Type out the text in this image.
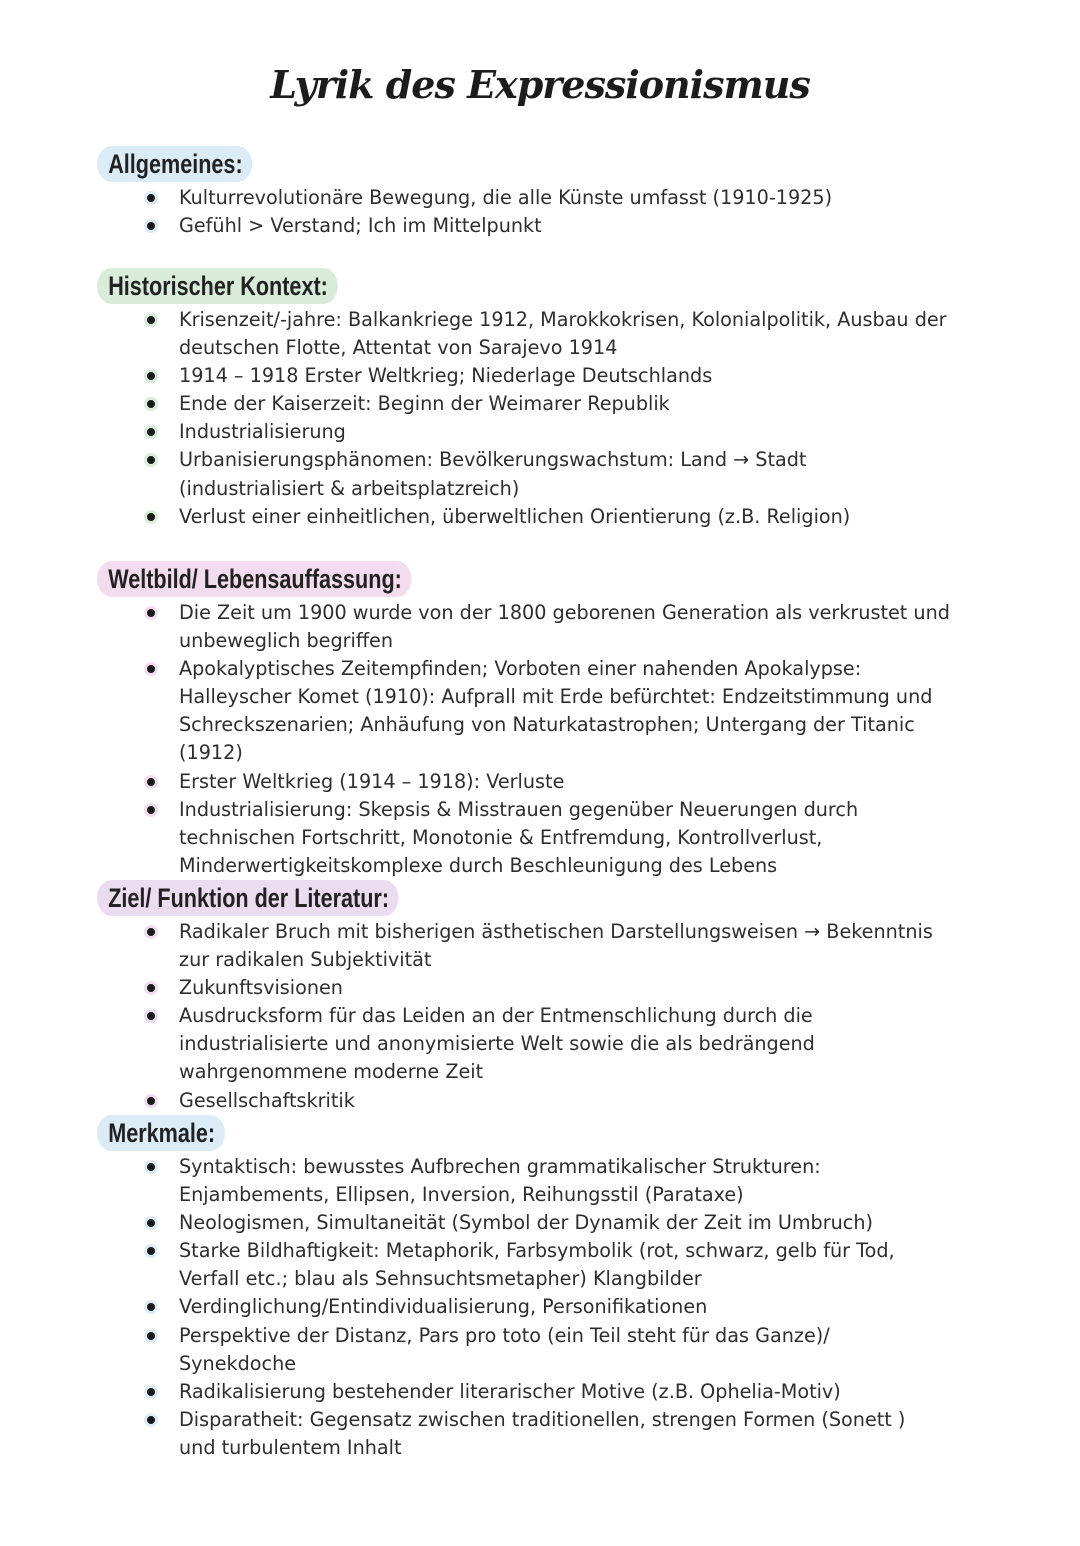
Lyrik des Expressionismus
Allgemeines:
Kulturrevolutionäre Bewegung, die alle Künste umfasst (1910-1925)
Gefühl > Verstand; Ich im Mittelpunkt
Historischer Kontext:
Krisenzeit/-jahre: Balkankriege 1912, Marokkokrisen, Kolonialpolitik, Ausbau der deutschen Flotte, Attentat von Sarajevo 1914
1914 – 1918 Erster Weltkrieg; Niederlage Deutschlands
Ende der Kaiserzeit: Beginn der Weimarer Republik
Industrialisierung
Urbanisierungsphänomen: Bevölkerungswachstum: Land → Stadt (industrialisiert & arbeitsplatzreich)
Verlust einer einheitlichen, überweltlichen Orientierung (z.B. Religion)
Weltbild/ Lebensauffassung:
Die Zeit um 1900 wurde von der 1800 geborenen Generation als verkrustet und unbeweglich begriffen
Apokalyptisches Zeitempfinden; Vorboten einer nahenden Apokalypse: Halleyscher Komet (1910): Aufprall mit Erde befürchtet: Endzeitstimmung und Schreckszenarien; Anhäufung von Naturkatastrophen; Untergang der Titanic (1912)
Erster Weltkrieg (1914 – 1918): Verluste
Industrialisierung: Skepsis & Misstrauen gegenüber Neuerungen durch technischen Fortschritt, Monotonie & Entfremdung, Kontrollverlust, Minderwertigkeitskomplexe durch Beschleunigung des Lebens
Ziel/ Funktion der Literatur:
Radikaler Bruch mit bisherigen ästhetischen Darstellungsweisen → Bekenntnis zur radikalen Subjektivität
Zukunftsvisionen
Ausdrucksform für das Leiden an der Entmenschlichung durch die industrialisierte und anonymisierte Welt sowie die als bedrängend wahrgenommene moderne Zeit
Gesellschaftskritik
Merkmale:
Syntaktisch: bewusstes Aufbrechen grammatikalischer Strukturen: Enjambements, Ellipsen, Inversion, Reihungsstil (Parataxe)
Neologismen, Simultaneität (Symbol der Dynamik der Zeit im Umbruch)
Starke Bildhaftigkeit: Metaphorik, Farbsymbolik (rot, schwarz, gelb für Tod, Verfall etc.; blau als Sehnsuchtsmetapher) Klangbilder
Verdinglichung/Entindividualisierung, Personifikationen
Perspektive der Distanz, Pars pro toto (ein Teil steht für das Ganze)/ Synekdoche
Radikalisierung bestehender literarischer Motive (z.B. Ophelia-Motiv)
Disparatheit: Gegensatz zwischen traditionellen, strengen Formen (Sonett ) und turbulentem Inhalt
